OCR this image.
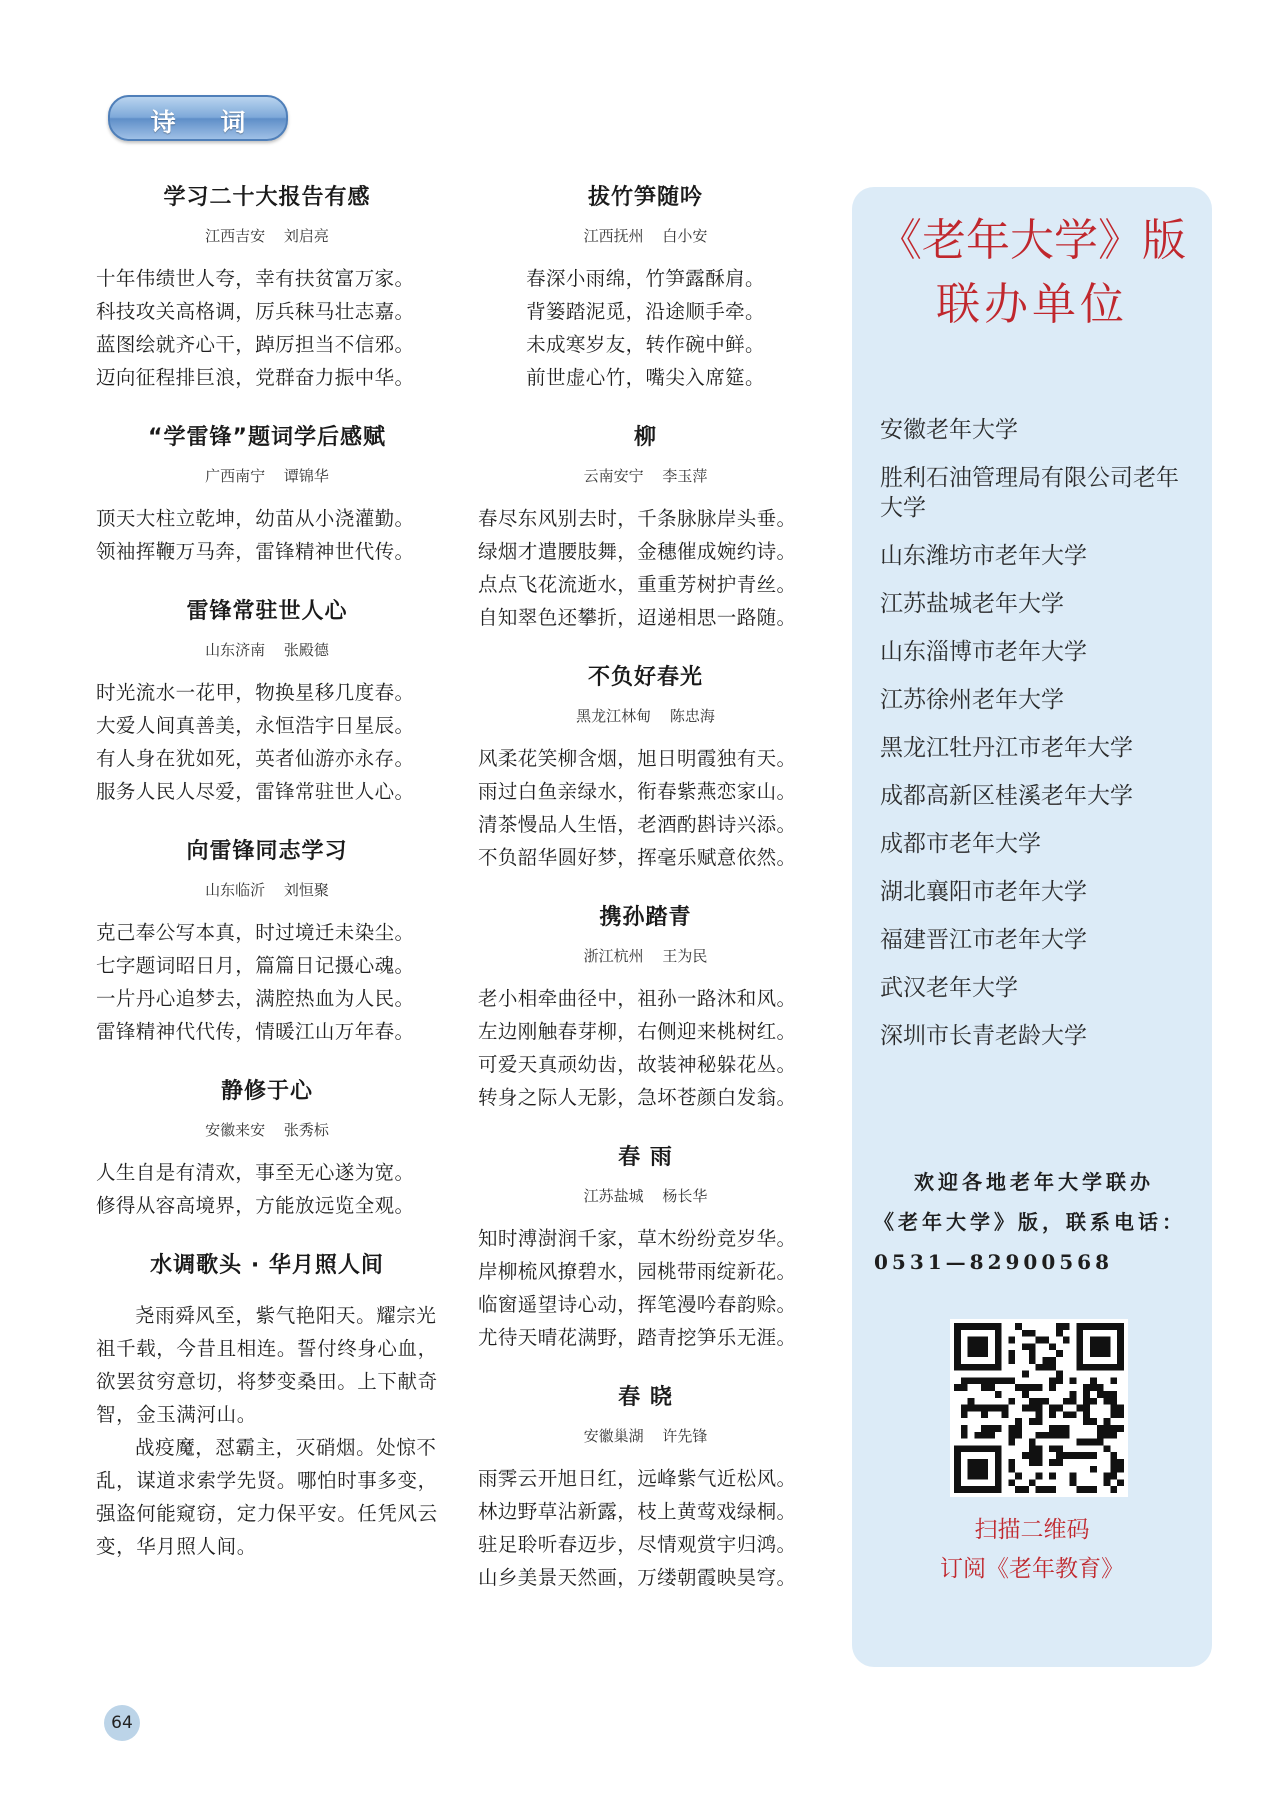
诗 词

学习二十大报告有感

江西吉安 刘启亮

十年伟绩世人夸，幸有扶贫富万家。

科技攻关高格调，厉兵秣马壮志嘉。

蓝图绘就齐心干，踔厉担当不信邪。

迈向征程排巨浪，党群奋力振中华。

“学雷锋”题词学后感赋

广西南宁 谭锦华

顶天大柱立乾坤，幼苗从小浇灌勤。

领袖挥鞭万马奔，雷锋精神世代传。

雷锋常驻世人心

山东济南 张殿德

时光流水一花甲，物换星移几度春。

大爱人间真善美，永恒浩宇日星辰。

有人身在犹如死，英者仙游亦永存。

服务人民人尽爱，雷锋常驻世人心。

向雷锋同志学习

山东临沂 刘恒聚

克己奉公写本真，时过境迁未染尘。

七字题词昭日月，篇篇日记摄心魂。

一片丹心追梦去，满腔热血为人民。

雷锋精神代代传，情暖江山万年春。

静修于心

安徽来安 张秀标

人生自是有清欢，事至无心遂为宽。

修得从容高境界，方能放远览全观。

水调歌头 · 华月照人间

尧雨舜风至，紫气艳阳天。耀宗光祖千载，今昔且相连。誓付终身心血，欲罢贫穷意切，将梦变桑田。上下献奇智，金玉满河山。

战疫魔，怼霸主，灭硝烟。处惊不乱，谋道求索学先贤。哪怕时事多变，强盗何能窥窃，定力保平安。任凭风云变，华月照人间。

拔竹笋随吟

江西抚州 白小安

春深小雨绵，竹笋露酥肩。

背篓踏泥觅，沿途顺手牵。

未成寒岁友，转作碗中鲜。

前世虚心竹，嘴尖入席筵。

柳

云南安宁 李玉萍

春尽东风别去时，千条脉脉岸头垂。

绿烟才遣腰肢舞，金穗催成婉约诗。

点点飞花流逝水，重重芳树护青丝。

自知翠色还攀折，迢递相思一路随。

不负好春光

黑龙江林甸 陈忠海

风柔花笑柳含烟，旭日明霞独有天。

雨过白鱼亲绿水，衔春紫燕恋家山。

清茶慢品人生悟，老酒酌斟诗兴添。

不负韶华圆好梦，挥毫乐赋意依然。

携孙踏青

浙江杭州 王为民

老小相牵曲径中，祖孙一路沐和风。

左边刚触春芽柳，右侧迎来桃树红。

可爱天真顽幼齿，故装神秘躲花丛。

转身之际人无影，急坏苍颜白发翁。

春 雨

江苏盐城 杨长华

知时溥澍润千家，草木纷纷竞岁华。

岸柳梳风撩碧水，园桃带雨绽新花。

临窗遥望诗心动，挥笔漫吟春韵赊。

尤待天晴花满野，踏青挖笋乐无涯。

春 晓

安徽巢湖 许先锋

雨霁云开旭日红，远峰紫气近松风。

林边野草沾新露，枝上黄莺戏绿桐。

驻足聆听春迈步，尽情观赏宇归鸿。

山乡美景天然画，万缕朝霞映昊穹。

《老年大学》版

联办单位

安徽老年大学
胜利石油管理局有限公司老年大学
山东潍坊市老年大学
江苏盐城老年大学
山东淄博市老年大学
江苏徐州老年大学
黑龙江牡丹江市老年大学
成都高新区桂溪老年大学
成都市老年大学
湖北襄阳市老年大学
福建晋江市老年大学
武汉老年大学
深圳市长青老龄大学

欢迎各地老年大学联办《老年大学》版，联系电话：0531—82900568

扫描二维码

订阅《老年教育》

64
